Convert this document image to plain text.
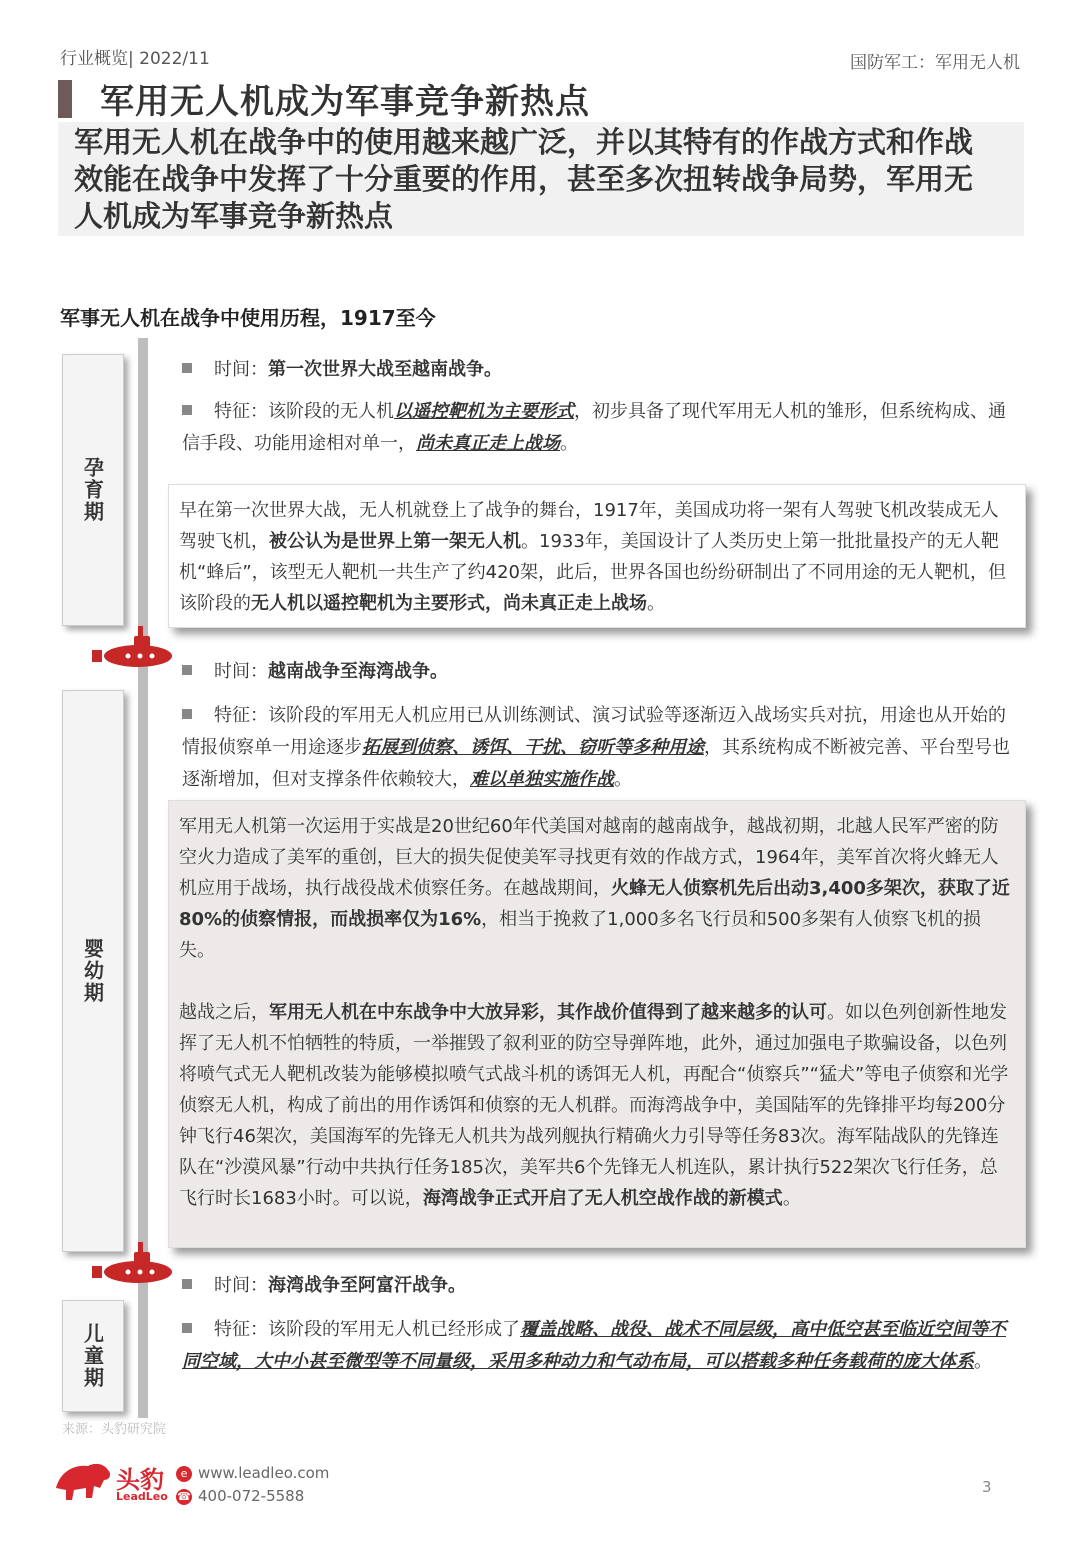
行业概览| 2022/11	国防军工：军用无人机
军用无人机成为军事竞争新热点
军用无人机在战争中的使用越来越广泛，并以其特有的作战方式和作战效能在战争中发挥了十分重要的作用，甚至多次扭转战争局势，军用无人机成为军事竞争新热点
军事无人机在战争中使用历程，1917至今
孕育期
时间：第一次世界大战至越南战争。
特征：该阶段的无人机以遥控靶机为主要形式，初步具备了现代军用无人机的雏形，但系统构成、通信手段、功能用途相对单一，尚未真正走上战场。

早在第一次世界大战，无人机就登上了战争的舞台，1917年，美国成功将一架有人驾驶飞机改装成无人驾驶飞机，被公认为是世界上第一架无人机。1933年，美国设计了人类历史上第一批批量投产的无人靶机“蜂后”，该型无人靶机一共生产了约420架，此后，世界各国也纷纷研制出了不同用途的无人靶机，但该阶段的无人机以遥控靶机为主要形式，尚未真正走上战场。

婴幼期
时间：越南战争至海湾战争。
特征：该阶段的军用无人机应用已从训练测试、演习试验等逐渐迈入战场实兵对抗，用途也从开始的情报侦察单一用途逐步拓展到侦察、诱饵、干扰、窃听等多种用途，其系统构成不断被完善、平台型号也逐渐增加，但对支撑条件依赖较大，难以单独实施作战。

军用无人机第一次运用于实战是20世纪60年代美国对越南的越南战争，越战初期，北越人民军严密的防空火力造成了美军的重创，巨大的损失促使美军寻找更有效的作战方式，1964年，美军首次将火蜂无人机应用于战场，执行战役战术侦察任务。在越战期间，火蜂无人侦察机先后出动3,400多架次，获取了近80%的侦察情报，而战损率仅为16%，相当于挽救了1,000多名飞行员和500多架有人侦察飞机的损失。

越战之后，军用无人机在中东战争中大放异彩，其作战价值得到了越来越多的认可。如以色列创新性地发挥了无人机不怕牺牲的特质，一举摧毁了叙利亚的防空导弹阵地，此外，通过加强电子欺骗设备，以色列将喷气式无人靶机改装为能够模拟喷气式战斗机的诱饵无人机，再配合“侦察兵”“猛犬”等电子侦察和光学侦察无人机，构成了前出的用作诱饵和侦察的无人机群。而海湾战争中，美国陆军的先锋排平均每200分钟飞行46架次，美国海军的先锋无人机共为战列舰执行精确火力引导等任务83次。海军陆战队的先锋连队在“沙漠风暴”行动中共执行任务185次，美军共6个先锋无人机连队，累计执行522架次飞行任务，总飞行时长1683小时。可以说，海湾战争正式开启了无人机空战作战的新模式。

儿童期
时间：海湾战争至阿富汗战争。
特征：该阶段的军用无人机已经形成了覆盖战略、战役、战术不同层级，高中低空甚至临近空间等不同空域，大中小甚至微型等不同量级，采用多种动力和气动布局，可以搭载多种任务载荷的庞大体系。
来源：头豹研究院
头豹
LeadLeo
e www.leadleo.com
☎ 400-072-5588	3
